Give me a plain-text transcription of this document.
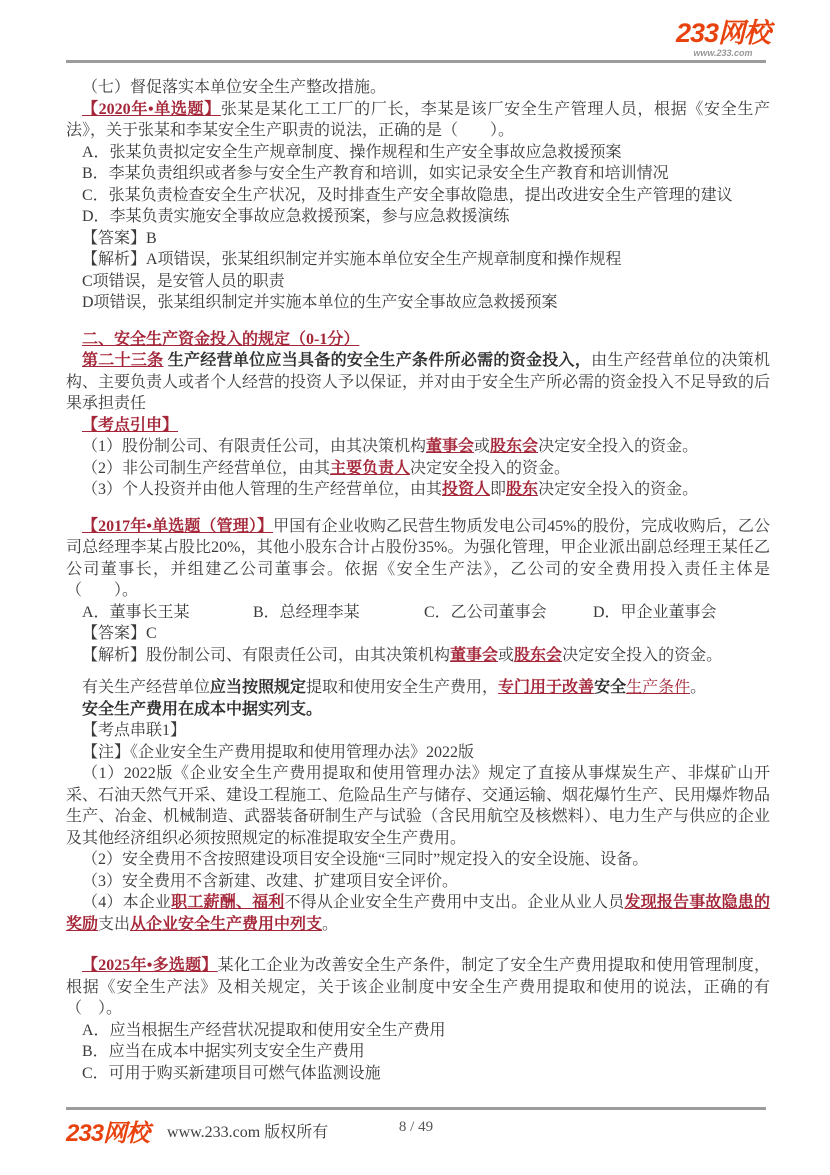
233网校
www.233.com

（七）督促落实本单位安全生产整改措施。

【2020年•单选题】张某是某化工工厂的厂长，李某是该厂安全生产管理人员，根据《安全生产法》，关于张某和李某安全生产职责的说法，正确的是（　　）。

A．张某负责拟定安全生产规章制度、操作规程和生产安全事故应急救援预案

B．李某负责组织或者参与安全生产教育和培训，如实记录安全生产教育和培训情况

C．张某负责检查安全生产状况，及时排查生产安全事故隐患，提出改进安全生产管理的建议

D．李某负责实施安全事故应急救援预案，参与应急救援演练

【答案】B

【解析】A项错误，张某组织制定并实施本单位安全生产规章制度和操作规程

C项错误，是安管人员的职责

D项错误，张某组织制定并实施本单位的生产安全事故应急救援预案

二、安全生产资金投入的规定（0-1分）

第二十三条 生产经营单位应当具备的安全生产条件所必需的资金投入，由生产经营单位的决策机构、主要负责人或者个人经营的投资人予以保证，并对由于安全生产所必需的资金投入不足导致的后果承担责任

【考点引申】

（1）股份制公司、有限责任公司，由其决策机构董事会或股东会决定安全投入的资金。

（2）非公司制生产经营单位，由其主要负责人决定安全投入的资金。

（3）个人投资并由他人管理的生产经营单位，由其投资人即股东决定安全投入的资金。

【2017年•单选题（管理）】甲国有企业收购乙民营生物质发电公司45%的股份，完成收购后，乙公司总经理李某占股比20%，其他小股东合计占股份35%。为强化管理，甲企业派出副总经理王某任乙公司董事长，并组建乙公司董事会。依据《安全生产法》，乙公司的安全费用投入责任主体是（　　）。

A．董事长王某	B．总经理李某	C．乙公司董事会	D．甲企业董事会

【答案】C

【解析】股份制公司、有限责任公司，由其决策机构董事会或股东会决定安全投入的资金。

有关生产经营单位应当按照规定提取和使用安全生产费用，专门用于改善安全生产条件。

安全生产费用在成本中据实列支。

【考点串联1】

【注】《企业安全生产费用提取和使用管理办法》2022版

（1）2022版《企业安全生产费用提取和使用管理办法》规定了直接从事煤炭生产、非煤矿山开采、石油天然气开采、建设工程施工、危险品生产与储存、交通运输、烟花爆竹生产、民用爆炸物品生产、冶金、机械制造、武器装备研制生产与试验（含民用航空及核燃料）、电力生产与供应的企业及其他经济组织必须按照规定的标准提取安全生产费用。

（2）安全费用不含按照建设项目安全设施“三同时”规定投入的安全设施、设备。

（3）安全费用不含新建、改建、扩建项目安全评价。

（4）本企业职工薪酬、福利不得从企业安全生产费用中支出。企业从业人员发现报告事故隐患的奖励支出从企业安全生产费用中列支。

【2025年•多选题】某化工企业为改善安全生产条件，制定了安全生产费用提取和使用管理制度，根据《安全生产法》及相关规定，关于该企业制度中安全生产费用提取和使用的说法，正确的有（　）。

A．应当根据生产经营状况提取和使用安全生产费用

B．应当在成本中据实列支安全生产费用

C．可用于购买新建项目可燃气体监测设施

233网校 www.233.com 版权所有	8 / 49
